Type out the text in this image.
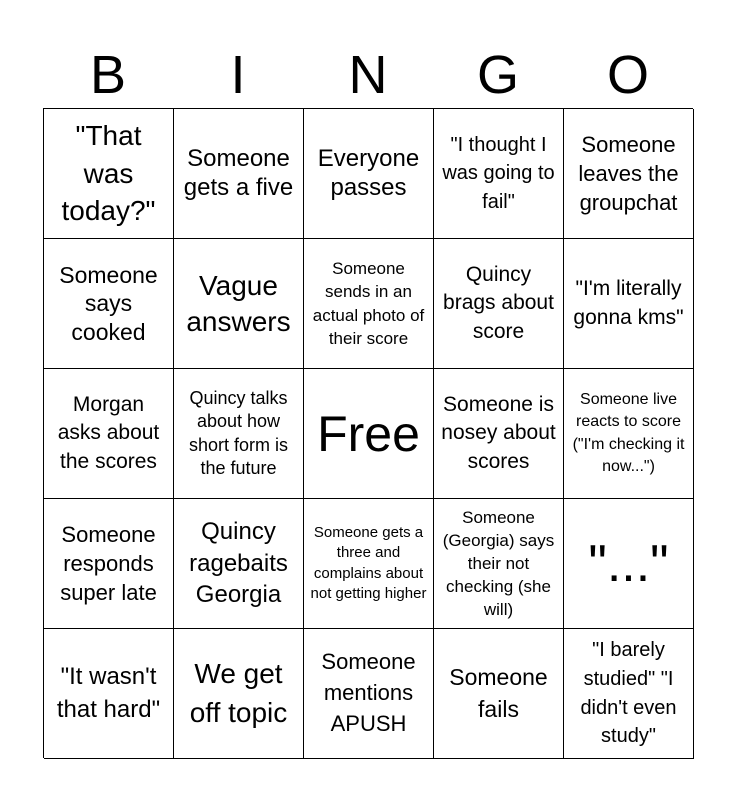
B	I	N	G	O
"That was today?"
Someone gets a five
Everyone passes
"I thought I was going to fail"
Someone leaves the groupchat
Someone says cooked
Vague answers
Someone sends in an actual photo of their score
Quincy brags about score
"I'm literally gonna kms"
Morgan asks about the scores
Quincy talks about how short form is the future
Free
Someone is nosey about scores
Someone live reacts to score ("I'm checking it now...")
Someone responds super late
Quincy ragebaits Georgia
Someone gets a three and complains about not getting higher
Someone (Georgia) says their not checking (she will)
"..."
"It wasn't that hard"
We get off topic
Someone mentions APUSH
Someone fails
"I barely studied" "I didn't even study"
